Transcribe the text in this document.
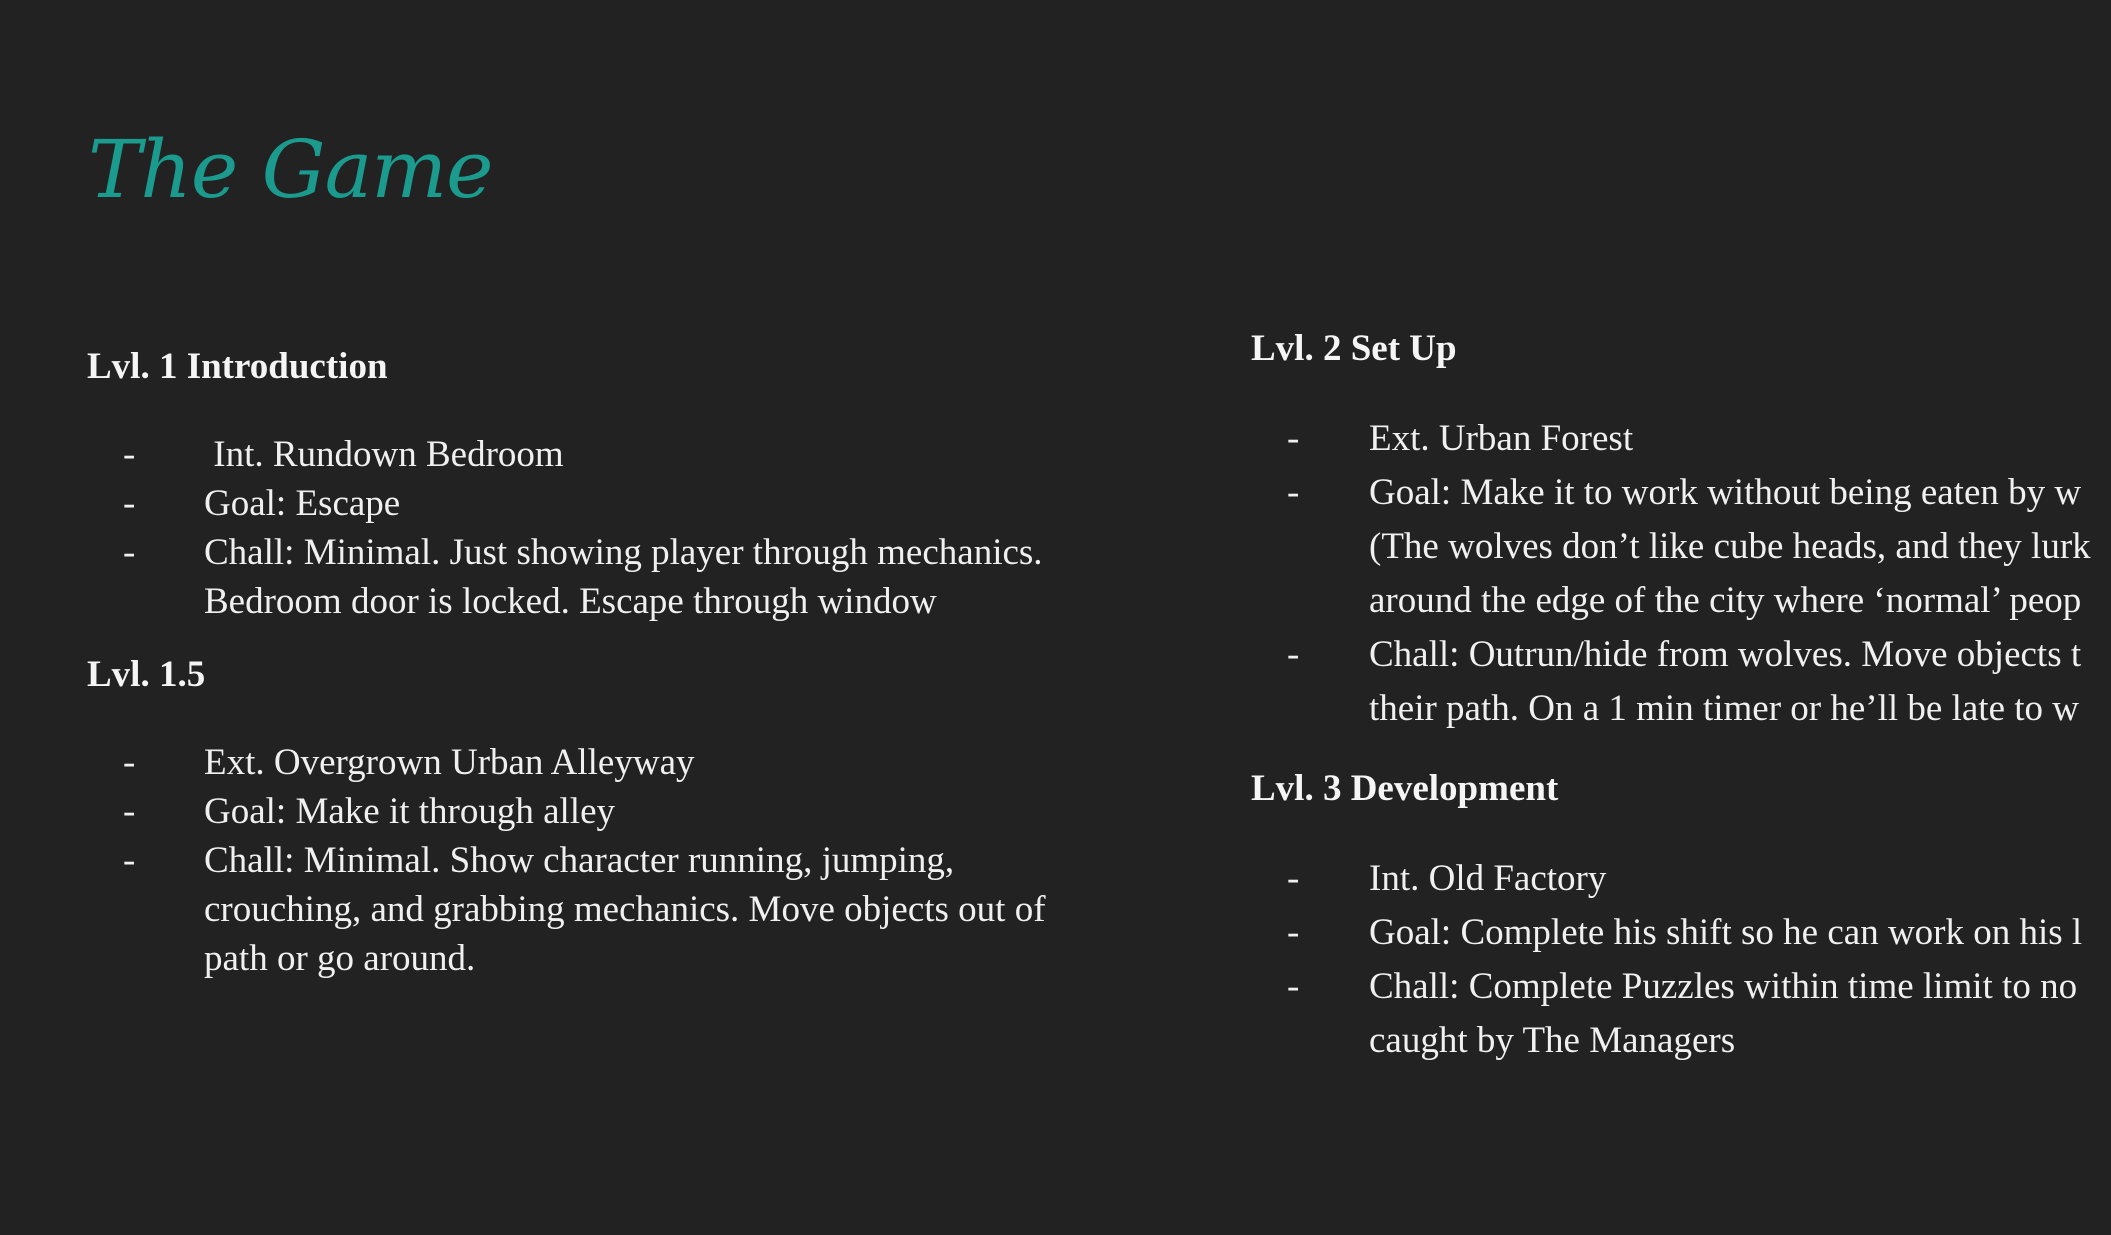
The Game
Lvl. 1 Introduction
- Int. Rundown Bedroom
- Goal: Escape
- Chall: Minimal. Just showing player through mechanics. Bedroom door is locked. Escape through window
Lvl. 1.5
- Ext. Overgrown Urban Alleyway
- Goal: Make it through alley
- Chall: Minimal. Show character running, jumping, crouching, and grabbing mechanics. Move objects out of path or go around.
Lvl. 2 Set Up
- Ext. Urban Forest
- Goal: Make it to work without being eaten by w
(The wolves don’t like cube heads, and they lurk
around the edge of the city where ‘normal’ peop
- Chall: Outrun/hide from wolves. Move objects t
their path. On a 1 min timer or he’ll be late to w
Lvl. 3 Development
- Int. Old Factory
- Goal: Complete his shift so he can work on his l
- Chall: Complete Puzzles within time limit to no
caught by The Managers
